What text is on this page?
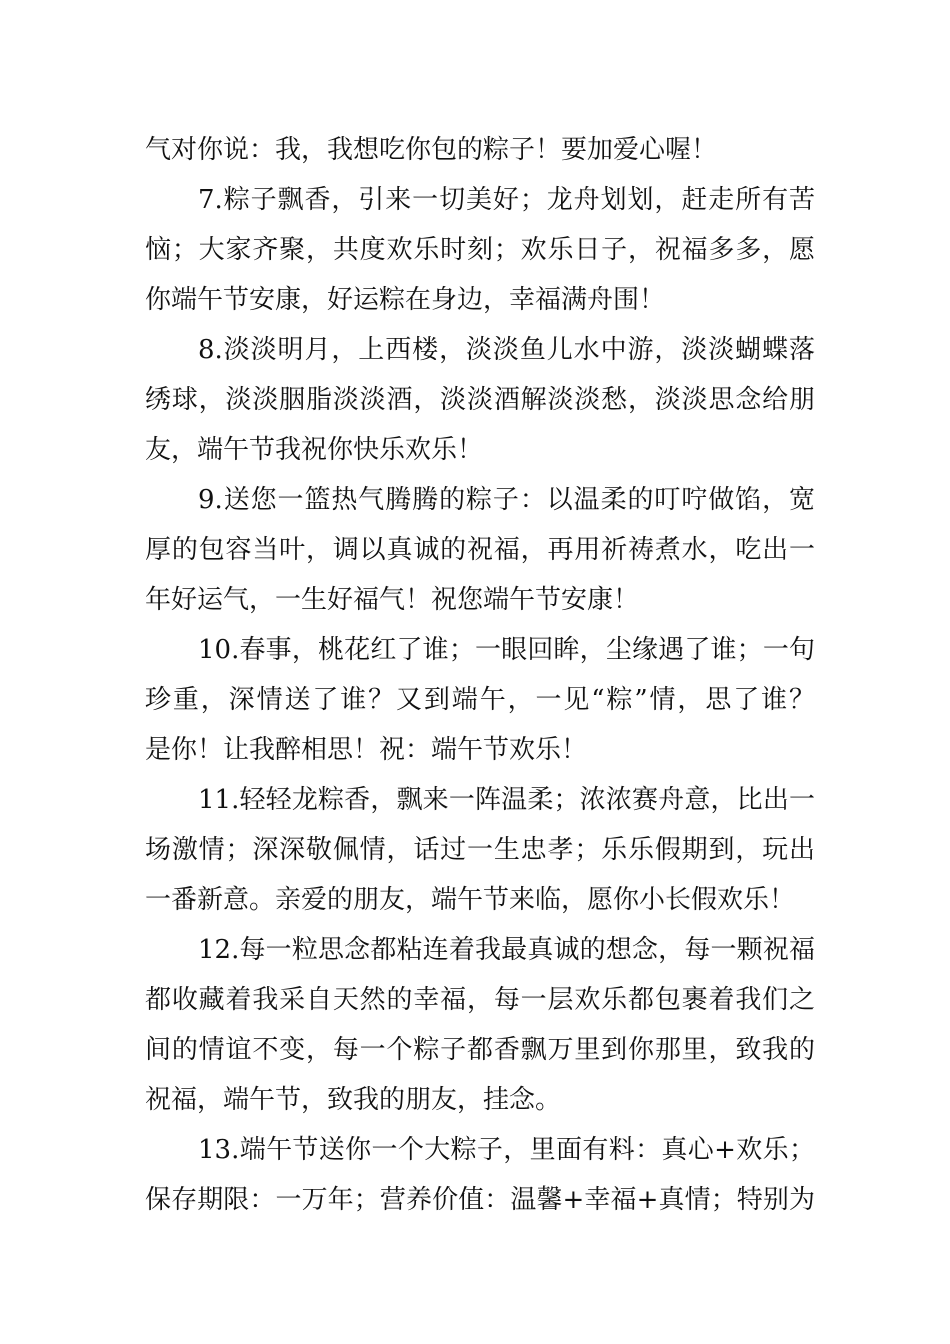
气对你说：我，我想吃你包的粽子！要加爱心喔！
7.粽子飘香，引来一切美好；龙舟划划，赶走所有苦
恼；大家齐聚，共度欢乐时刻；欢乐日子，祝福多多，愿
你端午节安康，好运粽在身边，幸福满舟围！
8.淡淡明月，上西楼，淡淡鱼儿水中游，淡淡蝴蝶落
绣球，淡淡胭脂淡淡酒，淡淡酒解淡淡愁，淡淡思念给朋
友，端午节我祝你快乐欢乐！
9.送您一篮热气腾腾的粽子：以温柔的叮咛做馅，宽
厚的包容当叶，调以真诚的祝福，再用祈祷煮水，吃出一
年好运气，一生好福气！祝您端午节安康！
10.春事，桃花红了谁；一眼回眸，尘缘遇了谁；一句
珍重，深情送了谁？又到端午，一见“粽”情，思了谁？
是你！让我醉相思！祝：端午节欢乐！
11.轻轻龙粽香，飘来一阵温柔；浓浓赛舟意，比出一
场激情；深深敬佩情，话过一生忠孝；乐乐假期到，玩出
一番新意。亲爱的朋友，端午节来临，愿你小长假欢乐！
12.每一粒思念都粘连着我最真诚的想念，每一颗祝福
都收藏着我采自天然的幸福，每一层欢乐都包裹着我们之
间的情谊不变，每一个粽子都香飘万里到你那里，致我的
祝福，端午节，致我的朋友，挂念。
13.端午节送你一个大粽子，里面有料：真心+欢乐；
保存期限：一万年；营养价值：温馨+幸福+真情；特别为
